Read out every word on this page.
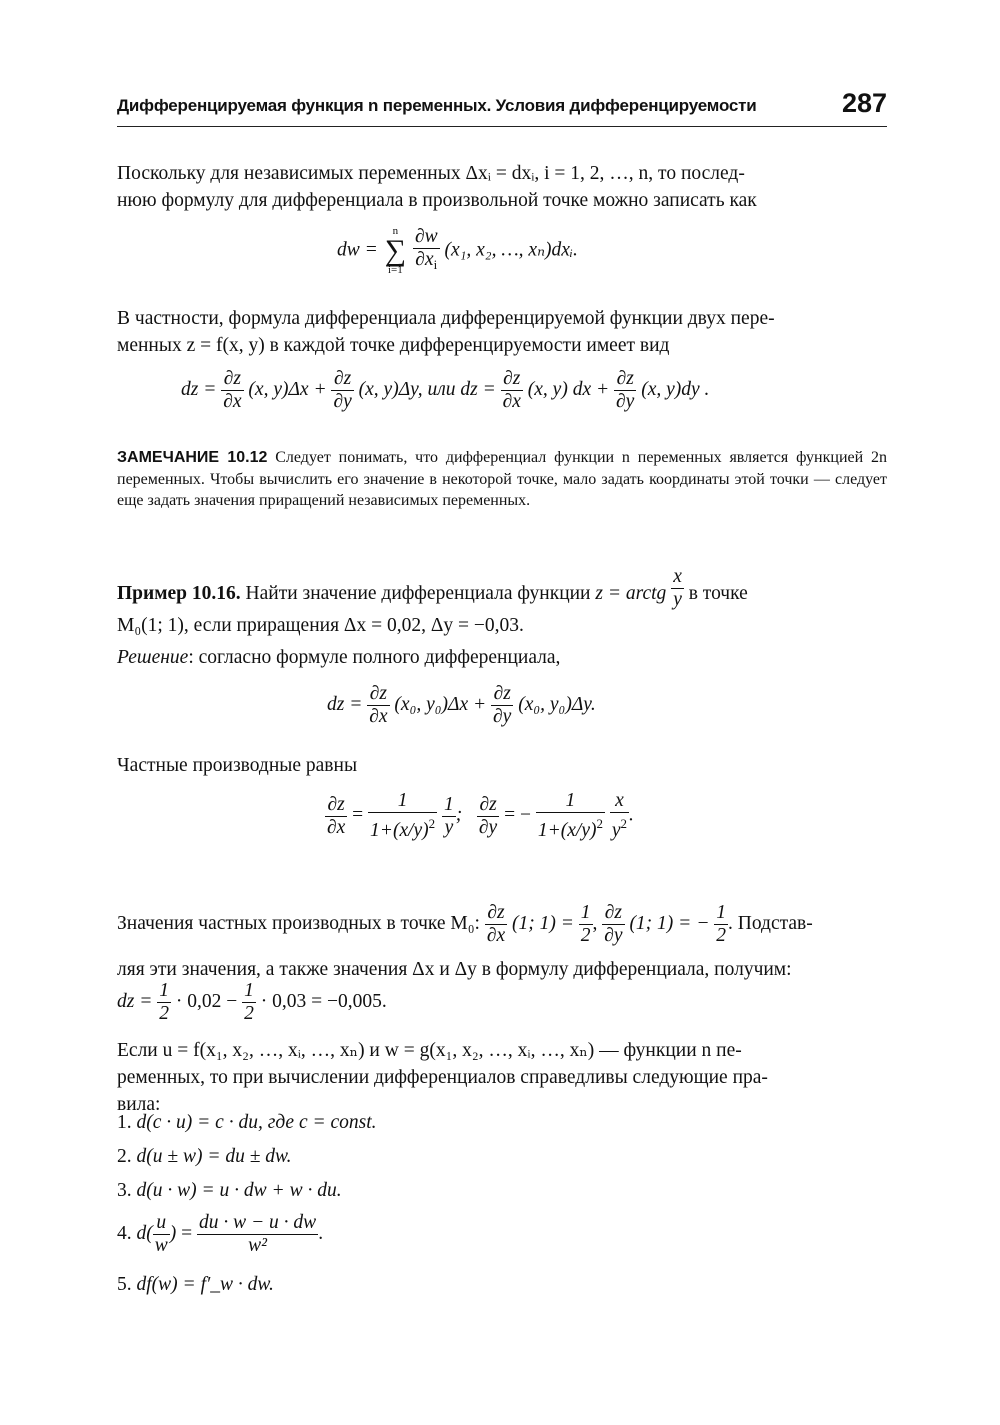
Дифференцируемая функция n переменных. Условия дифференцируемости	287
Поскольку для независимых переменных Δxᵢ = dxᵢ, i = 1, 2, …, n, то послед-
нюю формулу для дифференциала в произвольной точке можно записать как
dw =
n
∑
i=1
$\frac{\partial w}{\partial x_i} (x_1$, x₂, …, xₙ)dxᵢ.
В частности, формула дифференциала дифференцируемой функции двух пере-
менных z = f(x, y) в каждой точке дифференцируемости имеет вид
dz = $\frac{\partial z}{\partial x} (x$, $y)\Delta x + \frac{\partial z}{\partial y} (x$, y)Δy, или dz = $\frac{\partial z}{\partial x} (x$, y) dx + $\frac{\partial z}{\partial y} (x$, y)dy .
ЗАМЕЧАНИЕ 10.12 Следует понимать, что дифференциал функции n переменных является функцией 2n переменных. Чтобы вычислить его значение в некоторой точке, мало задать координаты этой точки — следует еще задать значения приращений независимых переменных.
Пример 10.16. Найти значение дифференциала функции z = arctg $\frac{x}{y}$ в точке
M₀(1; 1), если приращения Δx = 0,02, Δy = −0,03.
Решение: согласно формуле полного дифференциала,
dz = $\frac{\partial z}{\partial x} (x_0$, $y_0)\Delta x + \frac{\partial z}{\partial y} (x_0$, y₀)Δy.
Частные производные равны
$\frac{\partial z}{\partial x} = \frac{1}{1+(x/y)^2}$
$\frac{1}{y}$ ; $\frac{\partial z}{\partial y}$ = − $\frac{1}{1+(x/y)^2}$
$\frac{x}{y^2}$ .
Значения частных производных в точке M₀: $\frac{\partial z}{\partial x} (1$; $1) = \frac{1}{2}$ , $\frac{\partial z}{\partial y} (1$; 1) = − $\frac{1}{2}$ . Подстав-
ляя эти значения, а также значения Δx и Δy в формулу дифференциала, получим:
dz = $\frac{1}{2} \cdot 0,02 - \frac{1}{2} \cdot 0,03 = -0,005$.
Если u = f(x₁, x₂, …, xᵢ, …, xₙ) и w = g(x₁, x₂, …, xᵢ, …, xₙ) — функции n пе-
ременных, то при вычислении дифференциалов справедливы следующие пра-
вила:
1. d(c · u) = c · du, где c = const.
2. d(u ± w) = du ± dw.
3. d(u · w) = u · dw + w · du.
4. $d( \frac{u}{w}$ ) = $\frac{du \cdot w - u \cdot dw}{\text{w²}}$ .
5. df(w) = f′_w · dw.
